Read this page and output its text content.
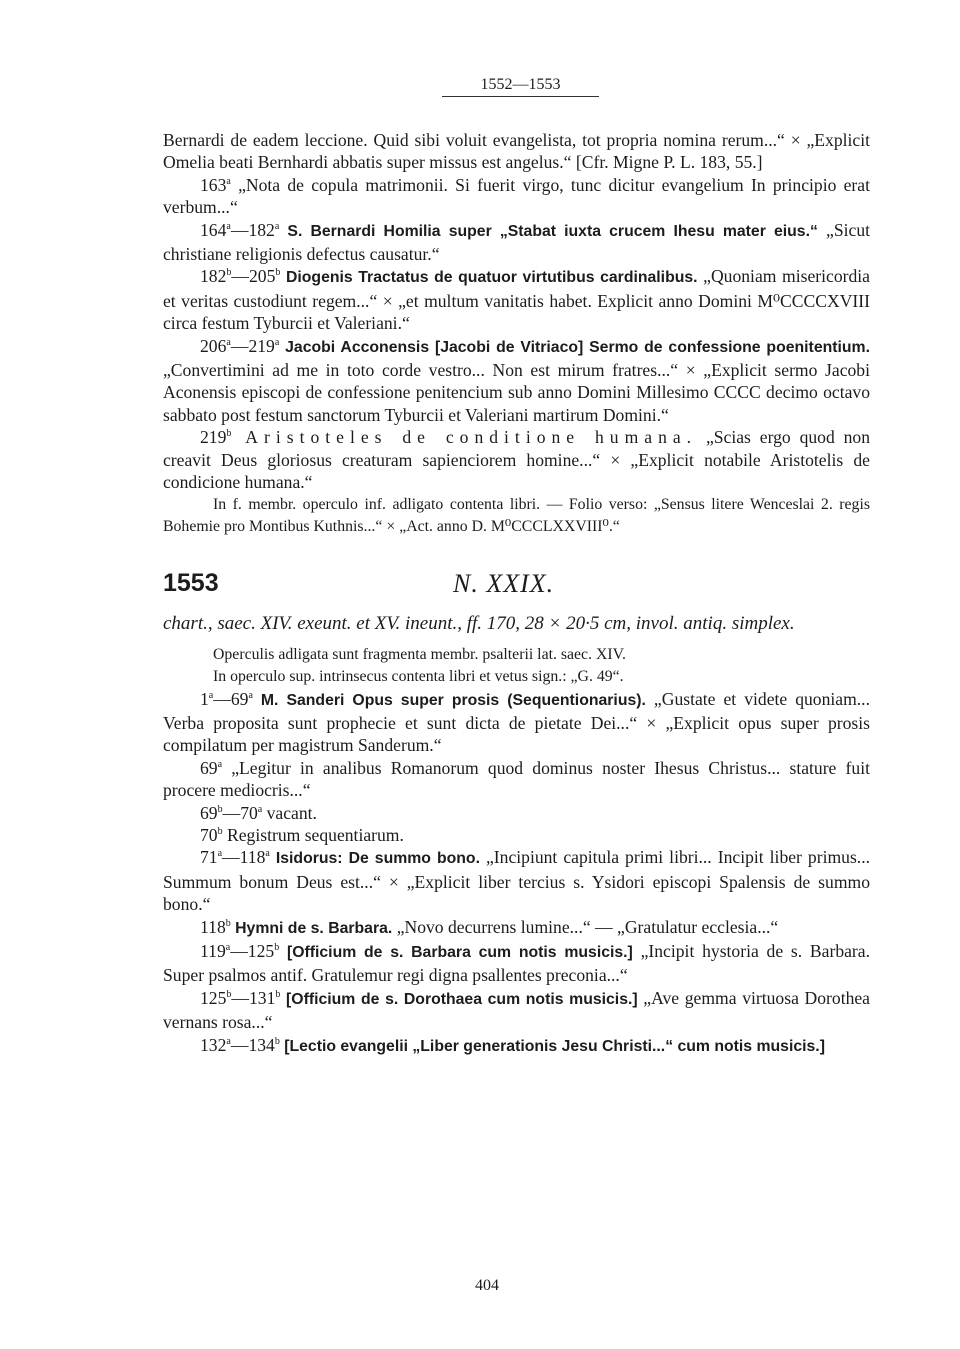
1552—1553

Bernardi de eadem leccione. Quid sibi voluit evangelista, tot propria nomina rerum...“ × „Explicit Omelia beati Bernhardi abbatis super missus est angelus.“ [Cfr. Migne P. L. 183, 55.]

163$^a$ „Nota de copula matrimonii. Si fuerit virgo, tunc dicitur evangelium In principio erat verbum...“

164$^a$—182$^a$ S. Bernardi Homilia super „Stabat iuxta crucem Ihesu mater eius.“ „Sicut christiane religionis defectus causatur.“

182$^b$—205$^b$ Diogenis Tractatus de quatuor virtutibus cardinalibus. „Quoniam misericordia et veritas custodiunt regem...“ × „et multum vanitatis habet. Explicit anno Domini M⁰CCCCXVIII circa festum Tyburcii et Valeriani.“

206$^a$—219$^a$ Jacobi Acconensis [Jacobi de Vitriaco] Sermo de confessione poenitentium. „Convertimini ad me in toto corde vestro... Non est mirum fratres...“ × „Explicit sermo Jacobi Aconensis episcopi de confessione penitencium sub anno Domini Millesimo CCCC decimo octavo sabbato post festum sanctorum Tyburcii et Valeriani martirum Domini.“

219$^b$ Aristoteles de conditione humana. „Scias ergo quod non creavit Deus gloriosus creaturam sapienciorem homine...“ × „Explicit notabile Aristotelis de condicione humana.“

In f. membr. operculo inf. adligato contenta libri. — Folio verso: „Sensus litere Wenceslai 2. regis Bohemie pro Montibus Kuthnis...“ × „Act. anno D. M⁰CCCLXXVIII⁰.“

1553	N. XXIX.

chart., saec. XIV. exeunt. et XV. ineunt., ff. 170, 28 × 20·5 cm, invol. antiq. simplex.

Operculis adligata sunt fragmenta membr. psalterii lat. saec. XIV.

In operculo sup. intrinsecus contenta libri et vetus sign.: „G. 49“.

1$^a$—69$^a$ M. Sanderi Opus super prosis (Sequentionarius). „Gustate et videte quoniam... Verba proposita sunt prophecie et sunt dicta de pietate Dei...“ × „Explicit opus super prosis compilatum per magistrum Sanderum.“

69$^a$ „Legitur in analibus Romanorum quod dominus noster Ihesus Christus... stature fuit procere mediocris...“

69$^b$—70$^a$ vacant.

70$^b$ Registrum sequentiarum.

71$^a$—118$^a$ Isidorus: De summo bono. „Incipiunt capitula primi libri... Incipit liber primus... Summum bonum Deus est...“ × „Explicit liber tercius s. Ysidori episcopi Spalensis de summo bono.“

118$^b$ Hymni de s. Barbara. „Novo decurrens lumine...“ — „Gratulatur ecclesia...“

119$^a$—125$^b$ [Officium de s. Barbara cum notis musicis.] „Incipit hystoria de s. Barbara. Super psalmos antif. Gratulemur regi digna psallentes preconia...“

125$^b$—131$^b$ [Officium de s. Dorothaea cum notis musicis.] „Ave gemma virtuosa Dorothea vernans rosa...“

132$^a$—134$^b$ [Lectio evangelii „Liber generationis Jesu Christi...“ cum notis musicis.]

404
